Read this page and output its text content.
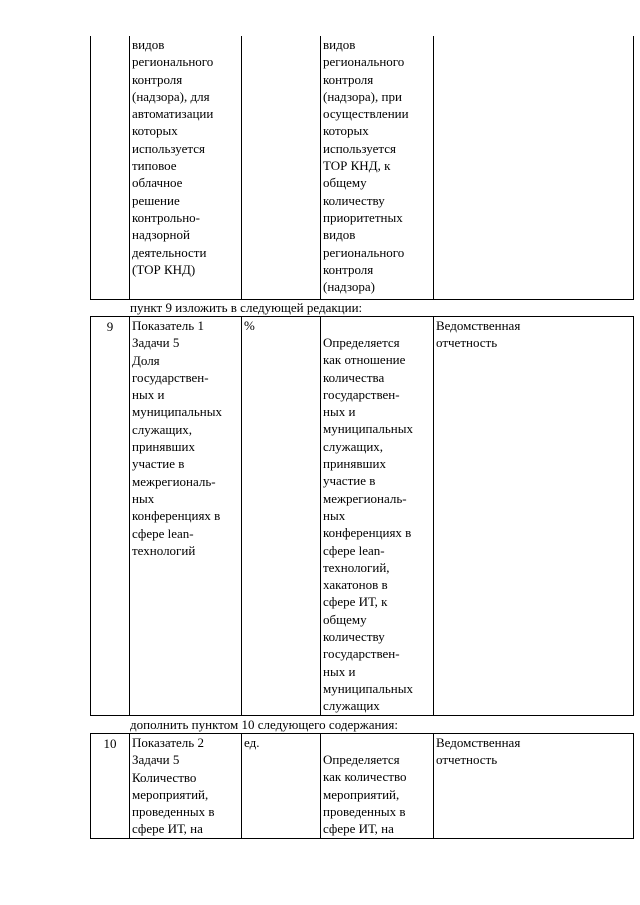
	видов
регионального
контроля
(надзора), для
автоматизации
которых
используется
типовое
облачное
решение
контрольно-
надзорной
деятельности
(ТОР КНД)		видов
регионального
контроля
(надзора), при
осуществлении
которых
используется
ТОР КНД, к
общему
количеству
приоритетных
видов
регионального
контроля
(надзора)	
пункт 9 изложить в следующей редакции:
9	Показатель 1
Задачи 5
Доля
государствен-
ных и
муниципальных
служащих,
принявших
участие в
межрегиональ-
ных
конференциях в
сфере lean-
технологий	%	Определяется
как отношение
количества
государствен-
ных и
муниципальных
служащих,
принявших
участие в
межрегиональ-
ных
конференциях в
сфере lean-
технологий,
хакатонов в
сфере ИТ, к
общему
количеству
государствен-
ных и
муниципальных
служащих	Ведомственная
отчетность
дополнить пунктом 10 следующего содержания:
10	Показатель 2
Задачи 5
Количество
мероприятий,
проведенных в
сфере ИТ, на	ед.	Определяется
как количество
мероприятий,
проведенных в
сфере ИТ, на	Ведомственная
отчетность
